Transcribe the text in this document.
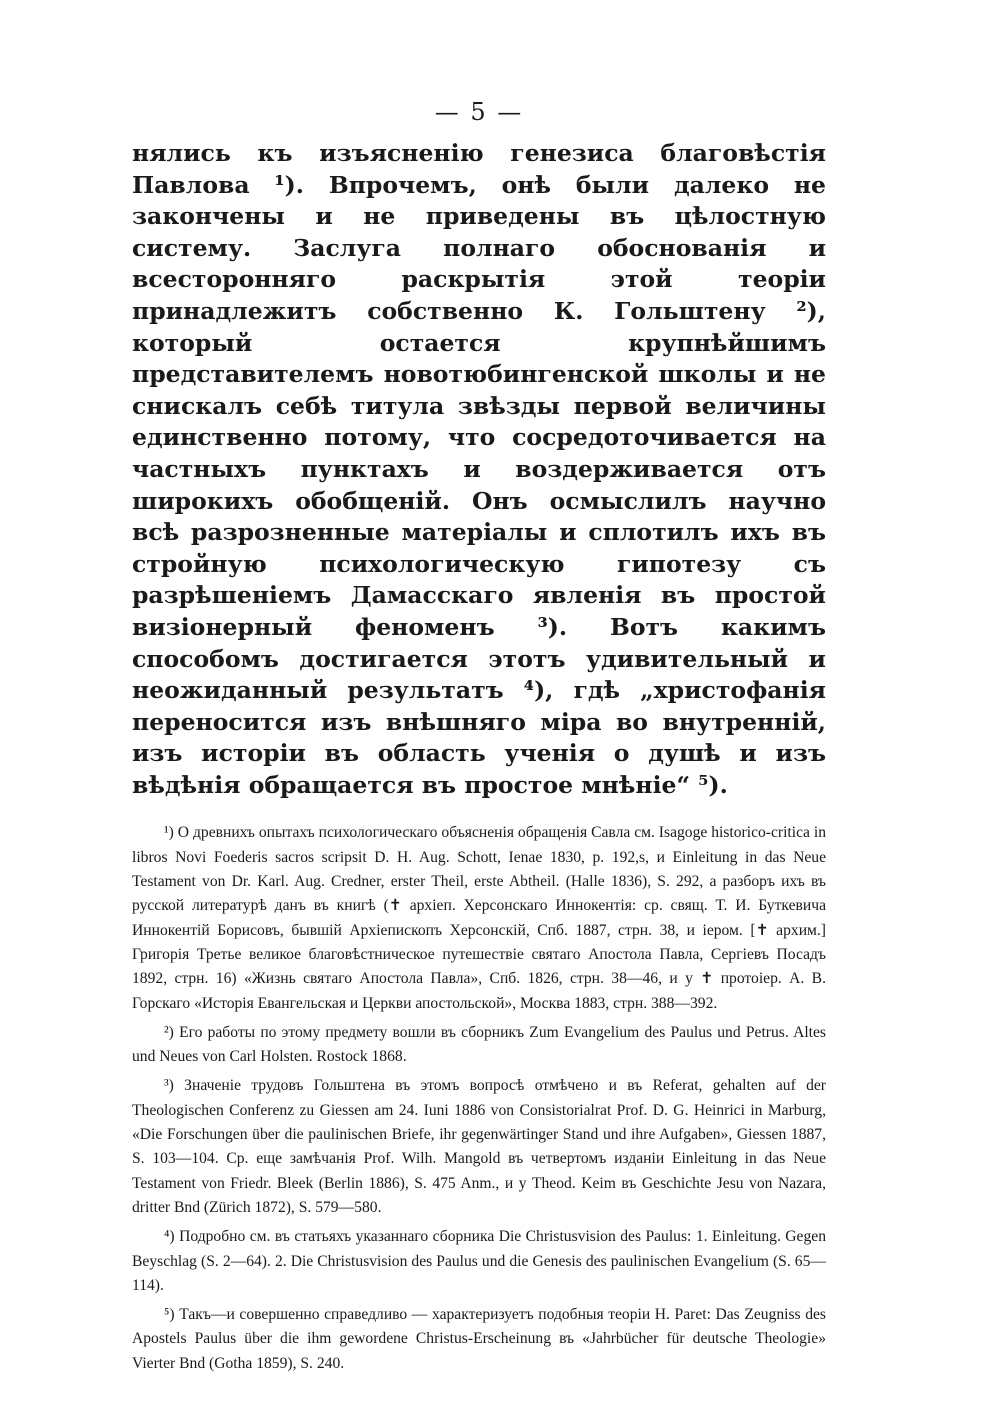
— 5 —

нялись къ изъясненію генезиса благовѣстія Павлова ¹). Впрочемъ, онѣ были далеко не закончены и не приведены въ цѣлостную систему. Заслуга полнаго обоснованія и всесторонняго раскрытія этой теоріи принадлежитъ собственно К. Гольштену ²), который остается крупнѣйшимъ представителемъ новотюбингенской школы и не снискалъ себѣ титула звѣзды первой величины единственно потому, что сосредоточивается на частныхъ пунктахъ и воздерживается отъ широкихъ обобщеній. Онъ осмыслилъ научно всѣ разрозненные матеріалы и сплотилъ ихъ въ стройную психологическую гипотезу съ разрѣшеніемъ Дамасскаго явленія въ простой визіонерный феноменъ ³). Вотъ какимъ способомъ достигается этотъ удивительный и неожиданный результатъ ⁴), гдѣ „христофанія переносится изъ внѣшняго міра во внутренній, изъ исторіи въ область ученія о душѣ и изъ вѣдѣнія обращается въ простое мнѣніе“ ⁵).

¹) О древнихъ опытахъ психологическаго объясненія обращенія Савла см. Isagoge historico-critica in libros Novi Foederis sacros scripsit D. H. Aug. Schott, Ienae 1830, p. 192,s, и Einleitung in das Neue Testament von Dr. Karl. Aug. Credner, erster Theil, erste Abtheil. (Halle 1836), S. 292, а разборъ ихъ въ русской литературѣ данъ въ книгѣ (✝ архіеп. Херсонскаго Иннокентія: ср. свящ. Т. И. Буткевича Иннокентій Борисовъ, бывшій Архіепископъ Херсонскій, Спб. 1887, стрн. 38, и іером. [✝ архим.] Григорія Третье великое благовѣстническое путешествіе святаго Апостола Павла, Сергіевъ Посадъ 1892, стрн. 16) «Жизнь святаго Апостола Павла», Спб. 1826, стрн. 38—46, и у ✝ протоіер. А. В. Горскаго «Исторія Евангельская и Церкви апостольской», Москва 1883, стрн. 388—392.

²) Его работы по этому предмету вошли въ сборникъ Zum Evangelium des Paulus und Petrus. Altes und Neues von Carl Holsten. Rostock 1868.

³) Значеніе трудовъ Гольштена въ этомъ вопросѣ отмѣчено и въ Referat, gehalten auf der Theologischen Conferenz zu Giessen am 24. Iuni 1886 von Consistorialrat Prof. D. G. Heinrici in Marburg, «Die Forschungen über die paulinischen Briefe, ihr gegenwärtinger Stand und ihre Aufgaben», Giessen 1887, S. 103—104. Ср. еще замѣчанія Prof. Wilh. Mangold въ четвертомъ изданіи Einleitung in das Neue Testament von Friedr. Bleek (Berlin 1886), S. 475 Anm., и у Theod. Keim въ Geschichte Jesu von Nazara, dritter Bnd (Zürich 1872), S. 579—580.

⁴) Подробно см. въ статьяхъ указаннаго сборника Die Christusvision des Paulus: 1. Einleitung. Gegen Beyschlag (S. 2—64). 2. Die Christusvision des Paulus und die Genesis des paulinischen Evangelium (S. 65—114).

⁵) Такъ—и совершенно справедливо — характеризуетъ подобныя теоріи H. Paret: Das Zeugniss des Apostels Paulus über die ihm gewordene Christus-Erscheinung въ «Jahrbücher für deutsche Theologie» Vierter Bnd (Gotha 1859), S. 240.
